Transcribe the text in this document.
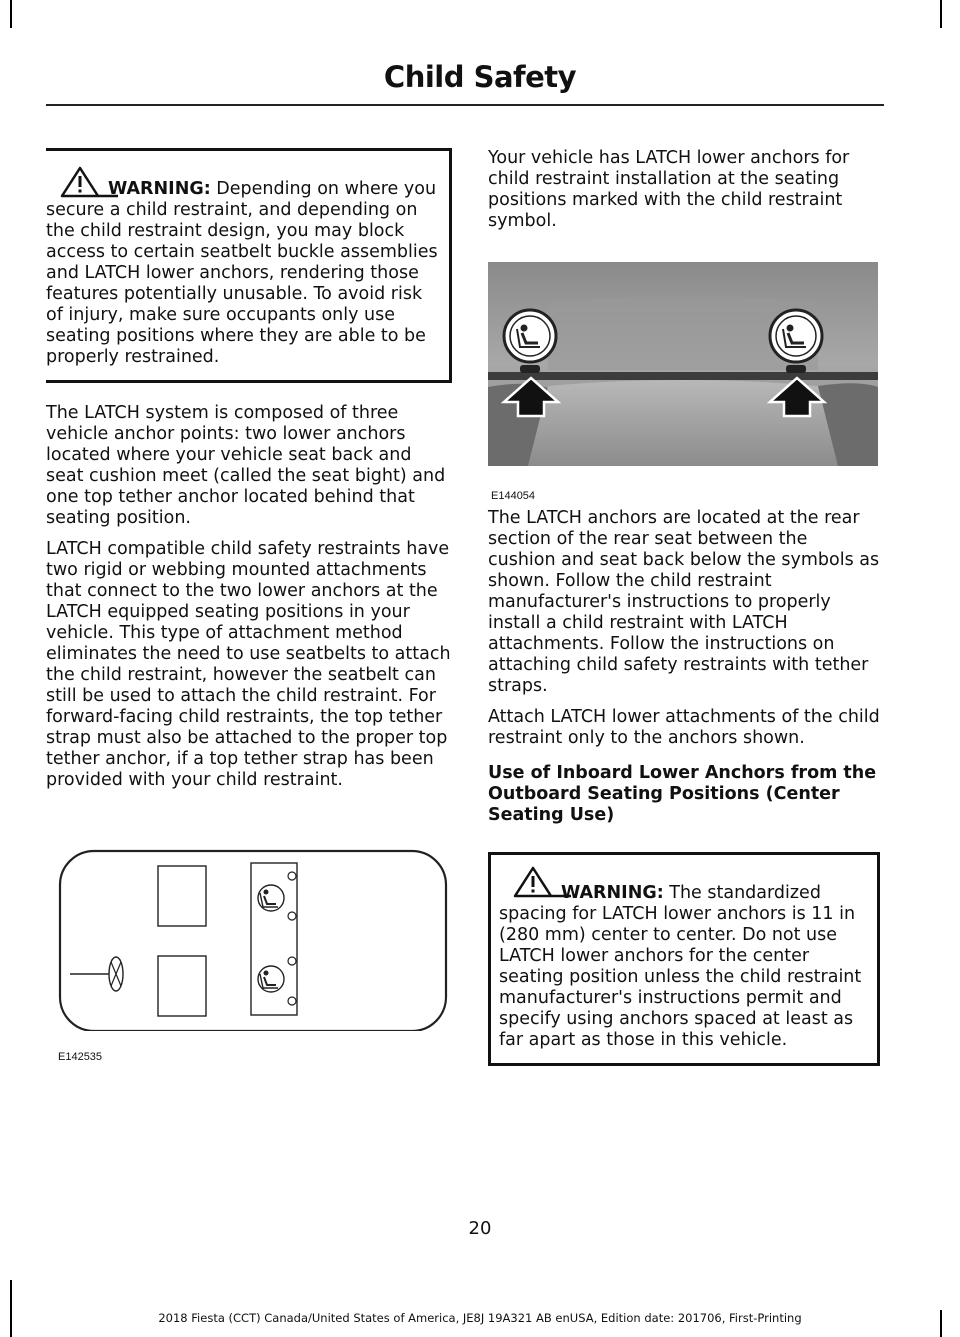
Child Safety
WARNING: Depending on where you secure a child restraint, and depending on the child restraint design, you may block access to certain seatbelt buckle assemblies and LATCH lower anchors, rendering those features potentially unusable. To avoid risk of injury, make sure occupants only use seating positions where they are able to be properly restrained.

The LATCH system is composed of three vehicle anchor points: two lower anchors located where your vehicle seat back and seat cushion meet (called the seat bight) and one top tether anchor located behind that seating position.

LATCH compatible child safety restraints have two rigid or webbing mounted attachments that connect to the two lower anchors at the LATCH equipped seating positions in your vehicle. This type of attachment method eliminates the need to use seatbelts to attach the child restraint, however the seatbelt can still be used to attach the child restraint. For forward-facing child restraints, the top tether strap must also be attached to the proper top tether anchor, if a top tether strap has been provided with your child restraint.

E142535

Your vehicle has LATCH lower anchors for child restraint installation at the seating positions marked with the child restraint symbol.

E144054

The LATCH anchors are located at the rear section of the rear seat between the cushion and seat back below the symbols as shown. Follow the child restraint manufacturer's instructions to properly install a child restraint with LATCH attachments. Follow the instructions on attaching child safety restraints with tether straps.

Attach LATCH lower attachments of the child restraint only to the anchors shown.

Use of Inboard Lower Anchors from the Outboard Seating Positions (Center Seating Use)
WARNING: The standardized spacing for LATCH lower anchors is 11 in (280 mm) center to center. Do not use LATCH lower anchors for the center seating position unless the child restraint manufacturer's instructions permit and specify using anchors spaced at least as far apart as those in this vehicle.
20
2018 Fiesta (CCT) Canada/United States of America, JE8J 19A321 AB enUSA, Edition date: 201706, First-Printing
